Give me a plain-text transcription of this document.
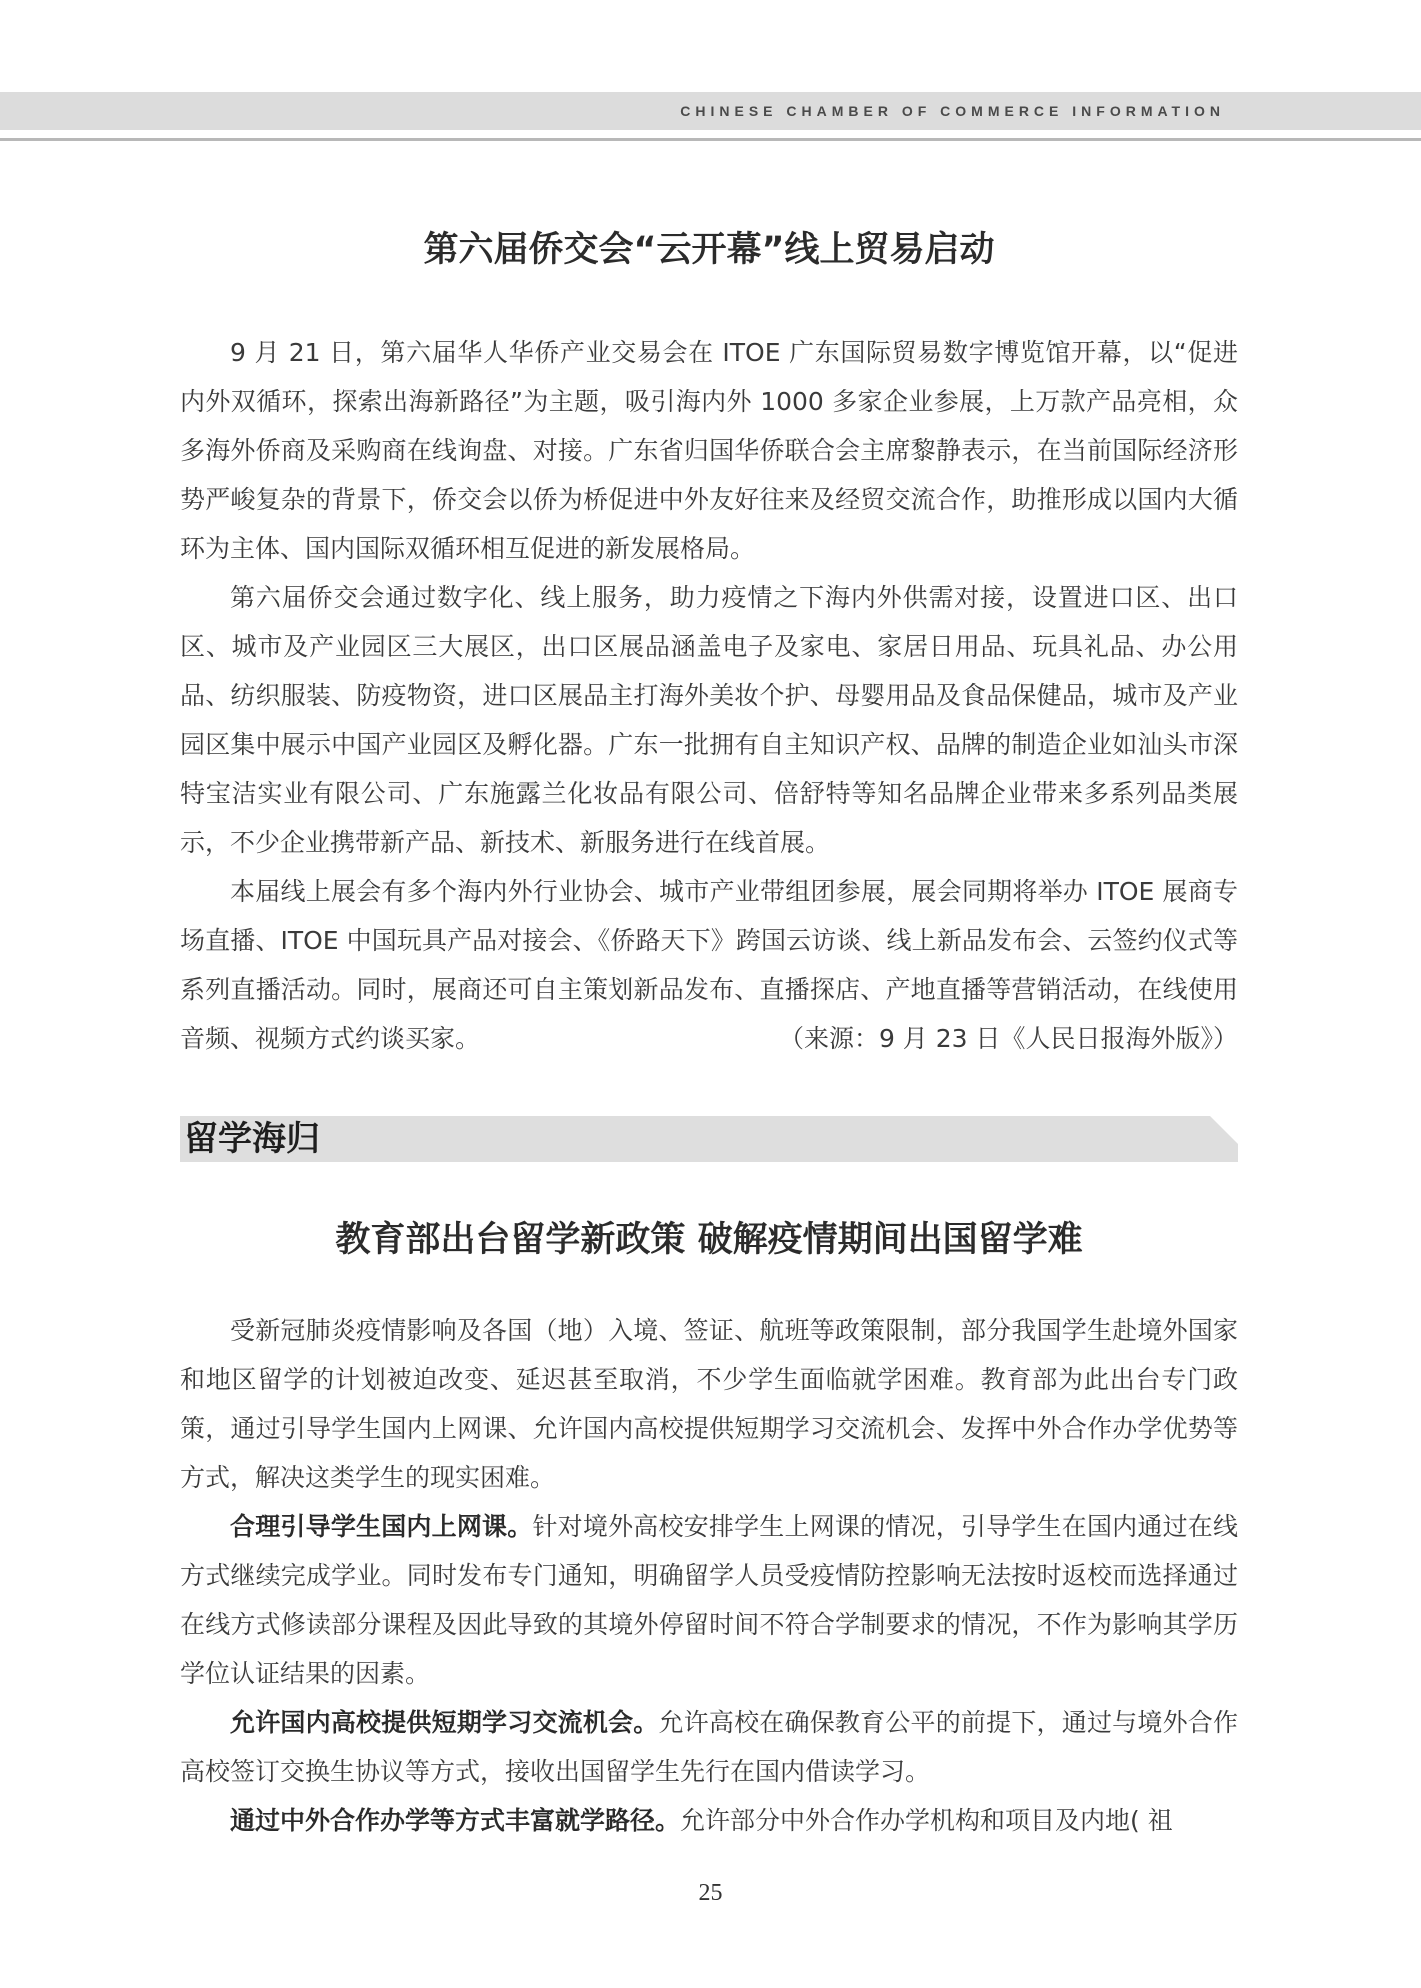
CHINESE CHAMBER OF COMMERCE INFORMATION
第六届侨交会“云开幕”线上贸易启动

9 月 21 日，第六届华人华侨产业交易会在 ITOE 广东国际贸易数字博览馆开幕，以“促进内外双循环，探索出海新路径”为主题，吸引海内外 1000 多家企业参展，上万款产品亮相，众多海外侨商及采购商在线询盘、对接。广东省归国华侨联合会主席黎静表示，在当前国际经济形势严峻复杂的背景下，侨交会以侨为桥促进中外友好往来及经贸交流合作，助推形成以国内大循环为主体、国内国际双循环相互促进的新发展格局。

第六届侨交会通过数字化、线上服务，助力疫情之下海内外供需对接，设置进口区、出口区、城市及产业园区三大展区，出口区展品涵盖电子及家电、家居日用品、玩具礼品、办公用品、纺织服装、防疫物资，进口区展品主打海外美妆个护、母婴用品及食品保健品，城市及产业园区集中展示中国产业园区及孵化器。广东一批拥有自主知识产权、品牌的制造企业如汕头市深特宝洁实业有限公司、广东施露兰化妆品有限公司、倍舒特等知名品牌企业带来多系列品类展示，不少企业携带新产品、新技术、新服务进行在线首展。

本届线上展会有多个海内外行业协会、城市产业带组团参展，展会同期将举办 ITOE 展商专场直播、ITOE 中国玩具产品对接会、《侨路天下》跨国云访谈、线上新品发布会、云签约仪式等系列直播活动。同时，展商还可自主策划新品发布、直播探店、产地直播等营销活动，在线使用音频、视频方式约谈买家。	（来源：9 月 23 日《人民日报海外版》）

留学海归
教育部出台留学新政策 破解疫情期间出国留学难

受新冠肺炎疫情影响及各国（地）入境、签证、航班等政策限制，部分我国学生赴境外国家和地区留学的计划被迫改变、延迟甚至取消，不少学生面临就学困难。教育部为此出台专门政策，通过引导学生国内上网课、允许国内高校提供短期学习交流机会、发挥中外合作办学优势等方式，解决这类学生的现实困难。

合理引导学生国内上网课。针对境外高校安排学生上网课的情况，引导学生在国内通过在线方式继续完成学业。同时发布专门通知，明确留学人员受疫情防控影响无法按时返校而选择通过在线方式修读部分课程及因此导致的其境外停留时间不符合学制要求的情况，不作为影响其学历学位认证结果的因素。

允许国内高校提供短期学习交流机会。允许高校在确保教育公平的前提下，通过与境外合作高校签订交换生协议等方式，接收出国留学生先行在国内借读学习。

通过中外合作办学等方式丰富就学路径。允许部分中外合作办学机构和项目及内地( 祖

25
